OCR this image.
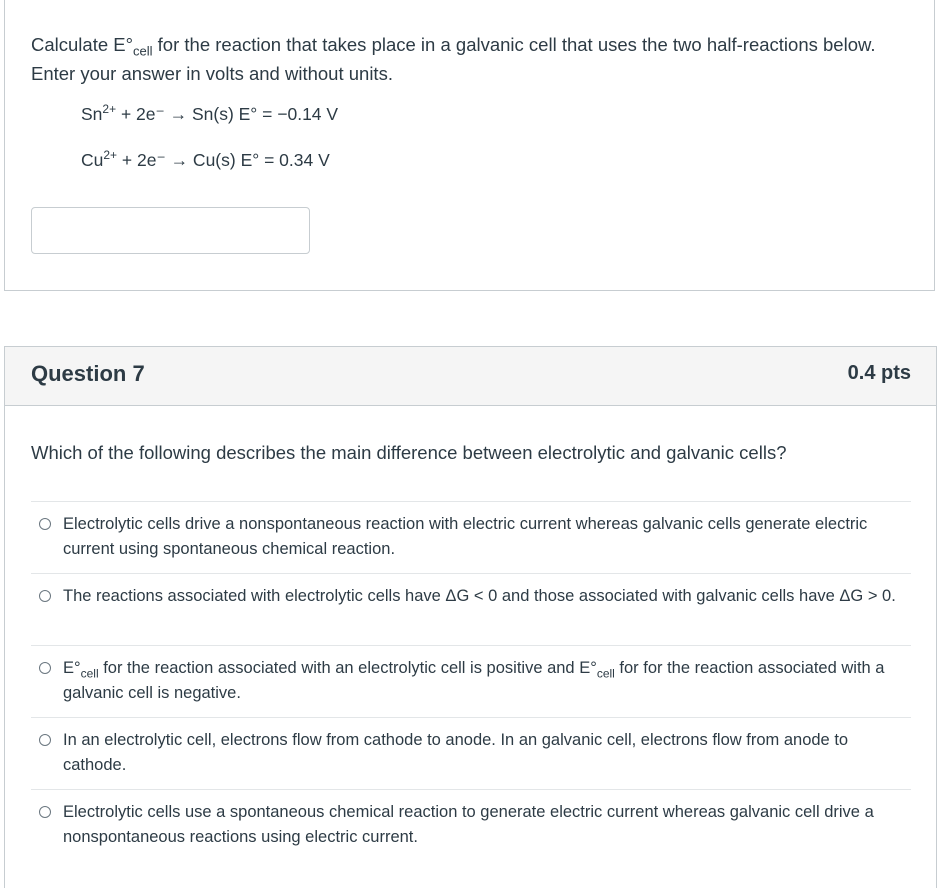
Calculate $E^\circ_{cell}$ for the reaction that takes place in a galvanic cell that uses the two half-reactions below. Enter your answer in volts and without units.
$Sn^{2+} + 2e^- \to Sn(s) E^\circ = -0.14$ V
$Cu^{2+} + 2e^- \to Cu(s) E^\circ = 0.34$ V
Question 7	0.4 pts
Which of the following describes the main difference between electrolytic and galvanic cells?
Electrolytic cells drive a nonspontaneous reaction with electric current whereas galvanic cells generate electric current using spontaneous chemical reaction.
The reactions associated with electrolytic cells have ΔG < 0 and those associated with galvanic cells have ΔG > 0.
$E^\circ_{cell}$ for the reaction associated with an electrolytic cell is positive and $E^\circ_{cell}$ for for the reaction associated with a galvanic cell is negative.
In an electrolytic cell, electrons flow from cathode to anode. In an galvanic cell, electrons flow from anode to cathode.
Electrolytic cells use a spontaneous chemical reaction to generate electric current whereas galvanic cell drive a nonspontaneous reactions using electric current.
